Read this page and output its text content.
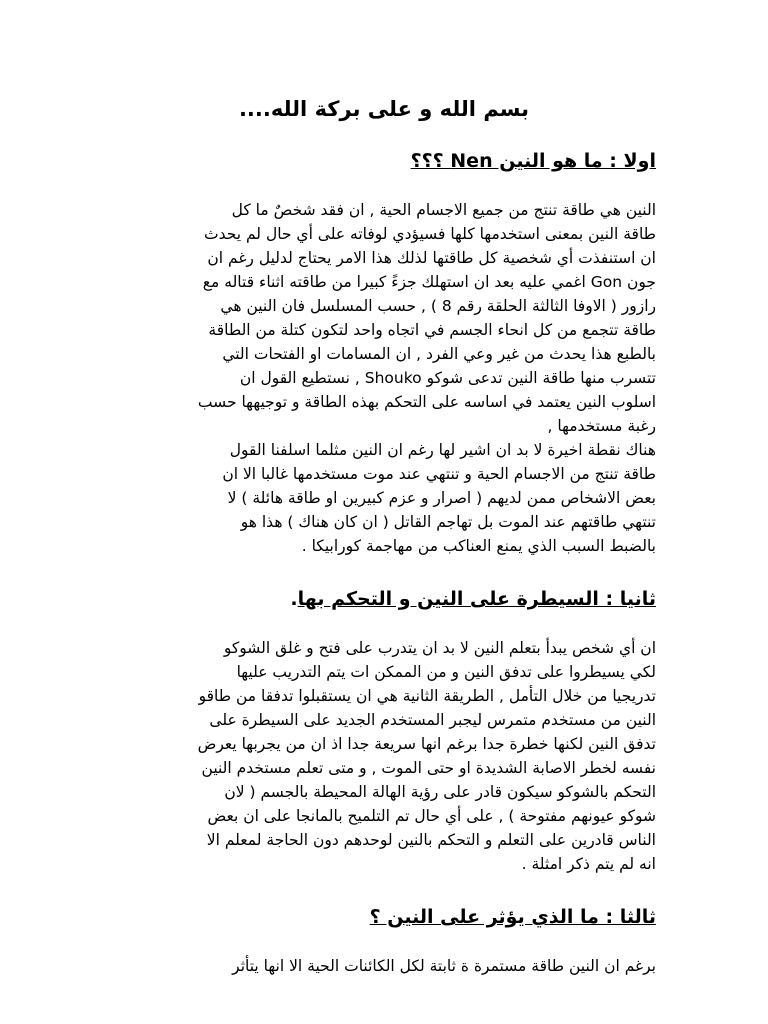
بسم الله و على بركة الله....
اولا : ما هو النين Nen ؟؟؟

النين هي طاقة تنتج من جميع الاجسام الحية , ان فقد شخصٌ ما كل
طاقة النين بمعنى استخدمها كلها فسيؤدي لوفاته على أي حال لم يحدث
ان استنفذت أي شخصية كل طاقتها لذلك هذا الامر يحتاج لدليل رغم ان
جون Gon اغمي عليه بعد ان استهلك جزءً كبيرا من طاقته اثناء قتاله مع
رازور ( الاوفا الثالثة الحلقة رقم 8 ) , حسب المسلسل فان النين هي
طاقة تتجمع من كل انحاء الجسم في اتجاه واحد لتكون كتلة من الطاقة
بالطبع هذا يحدث من غير وعي الفرد , ان المسامات او الفتحات التي
تتسرب منها طاقة النين تدعى شوكو Shouko , نستطيع القول ان
اسلوب النين يعتمد في اساسه على التحكم بهذه الطاقة و توجيهها حسب
رغبة مستخدمها ,

هناك نقطة اخيرة لا بد ان اشير لها رغم ان النين مثلما اسلفنا القول
طاقة تنتج من الاجسام الحية و تنتهي عند موت مستخدمها غالبا الا ان
بعض الاشخاص ممن لديهم ( اصرار و عزم كبيرين او طاقة هائلة ) لا
تنتهي طاقتهم عند الموت بل تهاجم القاتل ( ان كان هناك ) هذا هو
بالضبط السبب الذي يمنع العناكب من مهاجمة كورابيكا .

ثانيا : السيطرة على النين و التحكم بها.

ان أي شخص يبدأ بتعلم النين لا بد ان يتدرب على فتح و غلق الشوكو
لكي يسيطروا على تدفق النين و من الممكن ات يتم التدريب عليها
تدريجيا من خلال التأمل , الطريقة الثانية هي ان يستقبلوا تدفقا من طاقو
النين من مستخدم متمرس ليجبر المستخدم الجديد على السيطرة على
تدفق النين لكنها خطرة جدا برغم انها سريعة جدا اذ ان من يجربها يعرض
نفسه لخطر الاصابة الشديدة او حتى الموت , و متى تعلم مستخدم النين
التحكم بالشوكو سيكون قادر على رؤية الهالة المحيطة بالجسم ( لان
شوكو عيونهم مفتوحة ) , على أي حال تم التلميح بالمانجا على ان بعض
الناس قادرين على التعلم و التحكم بالنين لوحدهم دون الحاجة لمعلم الا
انه لم يتم ذكر امثلة .

ثالثا : ما الذي يؤثر على النين ؟

برغم ان النين طاقة مستمرة ة ثابتة لكل الكائنات الحية الا انها يتأثر
